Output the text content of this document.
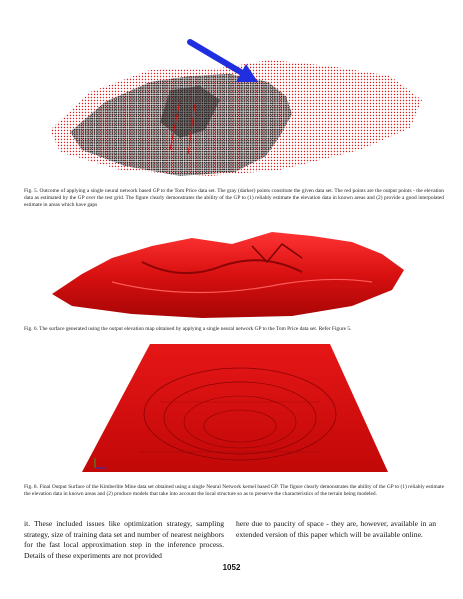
Fig. 5. Outcome of applying a single neural network based GP to the Tom Price data set. The gray (darker) points constitute the given data set. The red points are the output points - the elevation data as estimated by the GP over the test grid. The figure clearly demonstrates the ability of the GP to (1) reliably estimate the elevation data in known areas and (2) provide a good interpolated estimate in areas which have gaps
Fig. 6. The surface generated using the output elevation map obtained by applying a single neural network GP to the Tom Price data set. Refer Figure 5.
Fig. 8. Final Output Surface of the Kimberlite Mine data set obtained using a single Neural Network kernel based GP. The figure clearly demonstrates the ability of the GP to (1) reliably estimate the elevation data in known areas and (2) produce models that take into account the local structure so as to preserve the characteristics of the terrain being modeled.
it. These included issues like optimization strategy, sampling strategy, size of training data set and number of nearest neighbors for the fast local approximation step in the inference process. Details of these experiments are not provided
here due to paucity of space - they are, however, available in an extended version of this paper which will be available online.
1052
